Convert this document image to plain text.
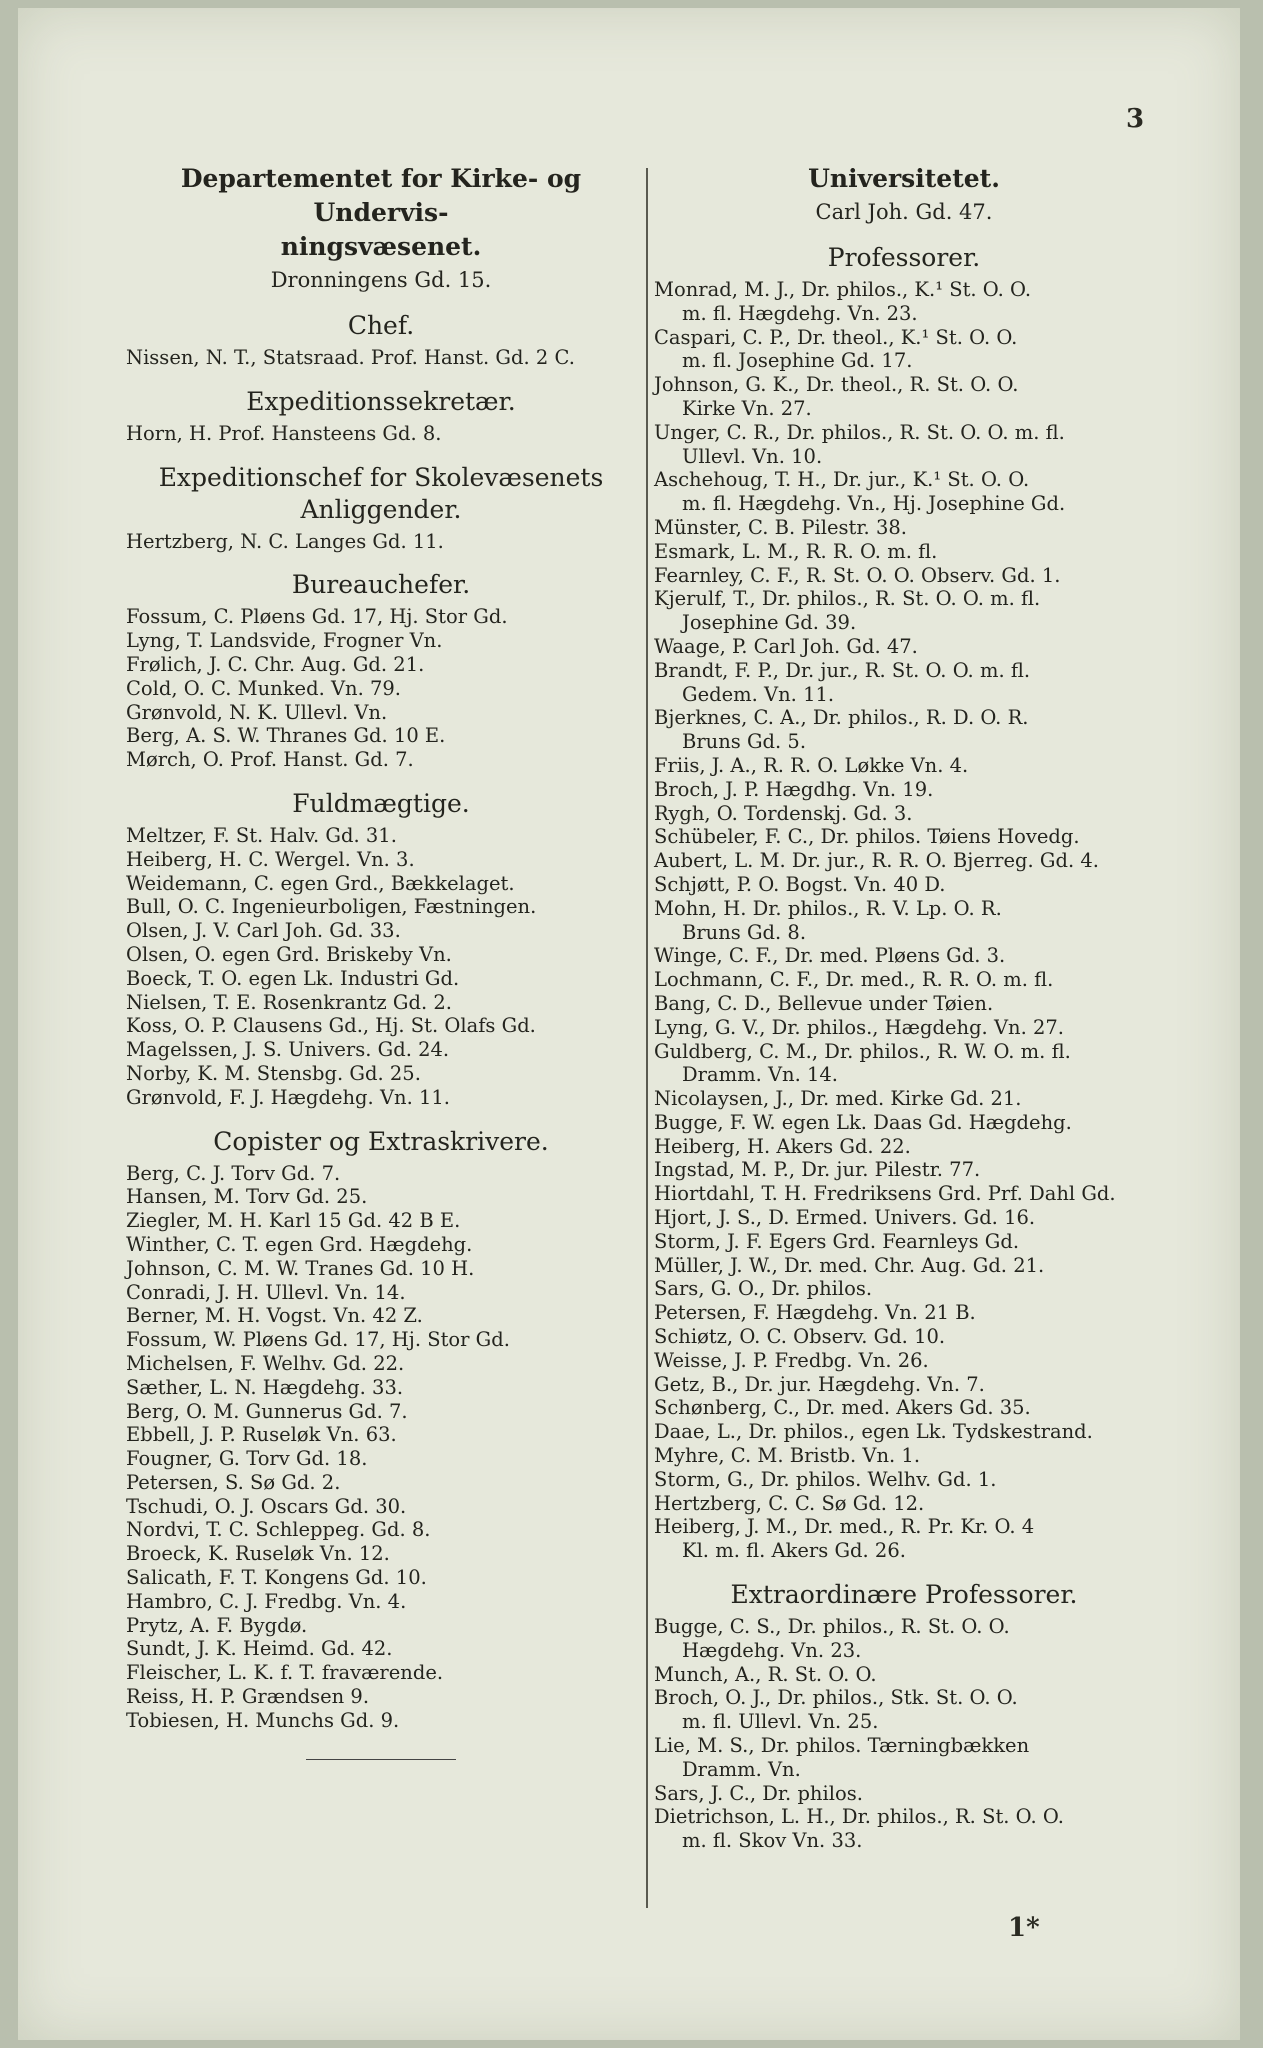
3
Departementet for Kirke- og Undervis-
ningsvæsenet.
Dronningens Gd. 15.
Chef.
Nissen, N. T., Statsraad. Prof. Hanst. Gd. 2 C.
Expeditionssekretær.
Horn, H. Prof. Hansteens Gd. 8.
Expeditionschef for Skolevæsenets
Anliggender.
Hertzberg, N. C. Langes Gd. 11.
Bureauchefer.
Fossum, C. Pløens Gd. 17, Hj. Stor Gd.
Lyng, T. Landsvide, Frogner Vn.
Frølich, J. C. Chr. Aug. Gd. 21.
Cold, O. C. Munked. Vn. 79.
Grønvold, N. K. Ullevl. Vn.
Berg, A. S. W. Thranes Gd. 10 E.
Mørch, O. Prof. Hanst. Gd. 7.
Fuldmægtige.
Meltzer, F. St. Halv. Gd. 31.
Heiberg, H. C. Wergel. Vn. 3.
Weidemann, C. egen Grd., Bækkelaget.
Bull, O. C. Ingenieurboligen, Fæstningen.
Olsen, J. V. Carl Joh. Gd. 33.
Olsen, O. egen Grd. Briskeby Vn.
Boeck, T. O. egen Lk. Industri Gd.
Nielsen, T. E. Rosenkrantz Gd. 2.
Koss, O. P. Clausens Gd., Hj. St. Olafs Gd.
Magelssen, J. S. Univers. Gd. 24.
Norby, K. M. Stensbg. Gd. 25.
Grønvold, F. J. Hægdehg. Vn. 11.
Copister og Extraskrivere.
Berg, C. J. Torv Gd. 7.
Hansen, M. Torv Gd. 25.
Ziegler, M. H. Karl 15 Gd. 42 B E.
Winther, C. T. egen Grd. Hægdehg.
Johnson, C. M. W. Tranes Gd. 10 H.
Conradi, J. H. Ullevl. Vn. 14.
Berner, M. H. Vogst. Vn. 42 Z.
Fossum, W. Pløens Gd. 17, Hj. Stor Gd.
Michelsen, F. Welhv. Gd. 22.
Sæther, L. N. Hægdehg. 33.
Berg, O. M. Gunnerus Gd. 7.
Ebbell, J. P. Ruseløk Vn. 63.
Fougner, G. Torv Gd. 18.
Petersen, S. Sø Gd. 2.
Tschudi, O. J. Oscars Gd. 30.
Nordvi, T. C. Schleppeg. Gd. 8.
Broeck, K. Ruseløk Vn. 12.
Salicath, F. T. Kongens Gd. 10.
Hambro, C. J. Fredbg. Vn. 4.
Prytz, A. F. Bygdø.
Sundt, J. K. Heimd. Gd. 42.
Fleischer, L. K. f. T. fraværende.
Reiss, H. P. Grændsen 9.
Tobiesen, H. Munchs Gd. 9.
Universitetet.
Carl Joh. Gd. 47.
Professorer.
Monrad, M. J., Dr. philos., K.¹ St. O. O.
m. fl. Hægdehg. Vn. 23.
Caspari, C. P., Dr. theol., K.¹ St. O. O.
m. fl. Josephine Gd. 17.
Johnson, G. K., Dr. theol., R. St. O. O.
Kirke Vn. 27.
Unger, C. R., Dr. philos., R. St. O. O. m. fl.
Ullevl. Vn. 10.
Aschehoug, T. H., Dr. jur., K.¹ St. O. O.
m. fl. Hægdehg. Vn., Hj. Josephine Gd.
Münster, C. B. Pilestr. 38.
Esmark, L. M., R. R. O. m. fl.
Fearnley, C. F., R. St. O. O. Observ. Gd. 1.
Kjerulf, T., Dr. philos., R. St. O. O. m. fl.
Josephine Gd. 39.
Waage, P. Carl Joh. Gd. 47.
Brandt, F. P., Dr. jur., R. St. O. O. m. fl.
Gedem. Vn. 11.
Bjerknes, C. A., Dr. philos., R. D. O. R.
Bruns Gd. 5.
Friis, J. A., R. R. O. Løkke Vn. 4.
Broch, J. P. Hægdhg. Vn. 19.
Rygh, O. Tordenskj. Gd. 3.
Schübeler, F. C., Dr. philos. Tøiens Hovedg.
Aubert, L. M. Dr. jur., R. R. O. Bjerreg. Gd. 4.
Schjøtt, P. O. Bogst. Vn. 40 D.
Mohn, H. Dr. philos., R. V. Lp. O. R.
Bruns Gd. 8.
Winge, C. F., Dr. med. Pløens Gd. 3.
Lochmann, C. F., Dr. med., R. R. O. m. fl.
Bang, C. D., Bellevue under Tøien.
Lyng, G. V., Dr. philos., Hægdehg. Vn. 27.
Guldberg, C. M., Dr. philos., R. W. O. m. fl.
Dramm. Vn. 14.
Nicolaysen, J., Dr. med. Kirke Gd. 21.
Bugge, F. W. egen Lk. Daas Gd. Hægdehg.
Heiberg, H. Akers Gd. 22.
Ingstad, M. P., Dr. jur. Pilestr. 77.
Hiortdahl, T. H. Fredriksens Grd. Prf. Dahl Gd.
Hjort, J. S., D. Ermed. Univers. Gd. 16.
Storm, J. F. Egers Grd. Fearnleys Gd.
Müller, J. W., Dr. med. Chr. Aug. Gd. 21.
Sars, G. O., Dr. philos.
Petersen, F. Hægdehg. Vn. 21 B.
Schiøtz, O. C. Observ. Gd. 10.
Weisse, J. P. Fredbg. Vn. 26.
Getz, B., Dr. jur. Hægdehg. Vn. 7.
Schønberg, C., Dr. med. Akers Gd. 35.
Daae, L., Dr. philos., egen Lk. Tydskestrand.
Myhre, C. M. Bristb. Vn. 1.
Storm, G., Dr. philos. Welhv. Gd. 1.
Hertzberg, C. C. Sø Gd. 12.
Heiberg, J. M., Dr. med., R. Pr. Kr. O. 4
Kl. m. fl. Akers Gd. 26.
Extraordinære Professorer.
Bugge, C. S., Dr. philos., R. St. O. O.
Hægdehg. Vn. 23.
Munch, A., R. St. O. O.
Broch, O. J., Dr. philos., Stk. St. O. O.
m. fl. Ullevl. Vn. 25.
Lie, M. S., Dr. philos. Tærningbækken
Dramm. Vn.
Sars, J. C., Dr. philos.
Dietrichson, L. H., Dr. philos., R. St. O. O.
m. fl. Skov Vn. 33.
1*
